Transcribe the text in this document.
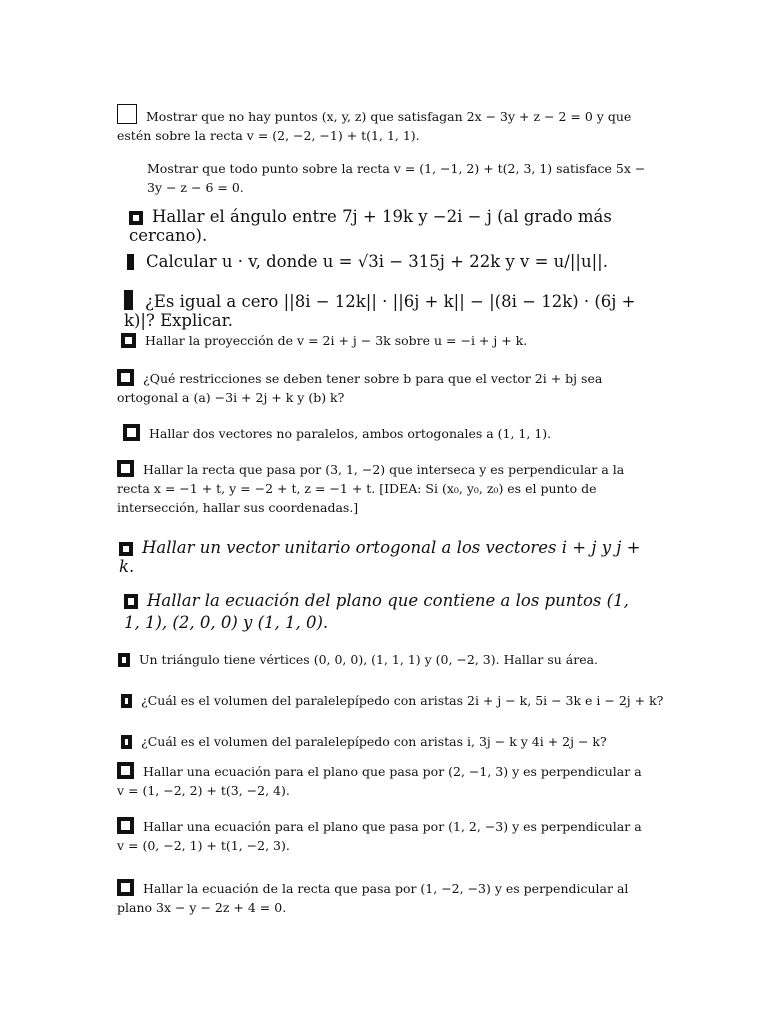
Mostrar que no hay puntos (x, y, z) que satisfagan 2x − 3y + z − 2 = 0 y que estén sobre la recta v = (2, −2, −1) + t(1, 1, 1).
Mostrar que todo punto sobre la recta v = (1, −1, 2) + t(2, 3, 1) satisface 5x − 3y − z − 6 = 0.
Hallar el ángulo entre 7j + 19k y −2i − j (al grado más cercano).
Calcular u · v, donde u = √3i − 315j + 22k y v = u/||u||.
¿Es igual a cero ||8i − 12k|| · ||6j + k|| − |(8i − 12k) · (6j + k)|? Explicar.
Hallar la proyección de v = 2i + j − 3k sobre u = −i + j + k.
¿Qué restricciones se deben tener sobre b para que el vector 2i + bj sea ortogonal a (a) −3i + 2j + k y (b) k?
Hallar dos vectores no paralelos, ambos ortogonales a (1, 1, 1).
Hallar la recta que pasa por (3, 1, −2) que interseca y es perpendicular a la recta x = −1 + t, y = −2 + t, z = −1 + t. [IDEA: Si (x₀, y₀, z₀) es el punto de intersección, hallar sus coordenadas.]
Hallar un vector unitario ortogonal a los vectores i + j y j + k.
Hallar la ecuación del plano que contiene a los puntos (1, 1, 1), (2, 0, 0) y (1, 1, 0).
Un triángulo tiene vértices (0, 0, 0), (1, 1, 1) y (0, −2, 3). Hallar su área.
¿Cuál es el volumen del paralelepípedo con aristas 2i + j − k, 5i − 3k e i − 2j + k?
¿Cuál es el volumen del paralelepípedo con aristas i, 3j − k y 4i + 2j − k?
Hallar una ecuación para el plano que pasa por (2, −1, 3) y es perpendicular a v = (1, −2, 2) + t(3, −2, 4).
Hallar una ecuación para el plano que pasa por (1, 2, −3) y es perpendicular a v = (0, −2, 1) + t(1, −2, 3).
Hallar la ecuación de la recta que pasa por (1, −2, −3) y es perpendicular al plano 3x − y − 2z + 4 = 0.
